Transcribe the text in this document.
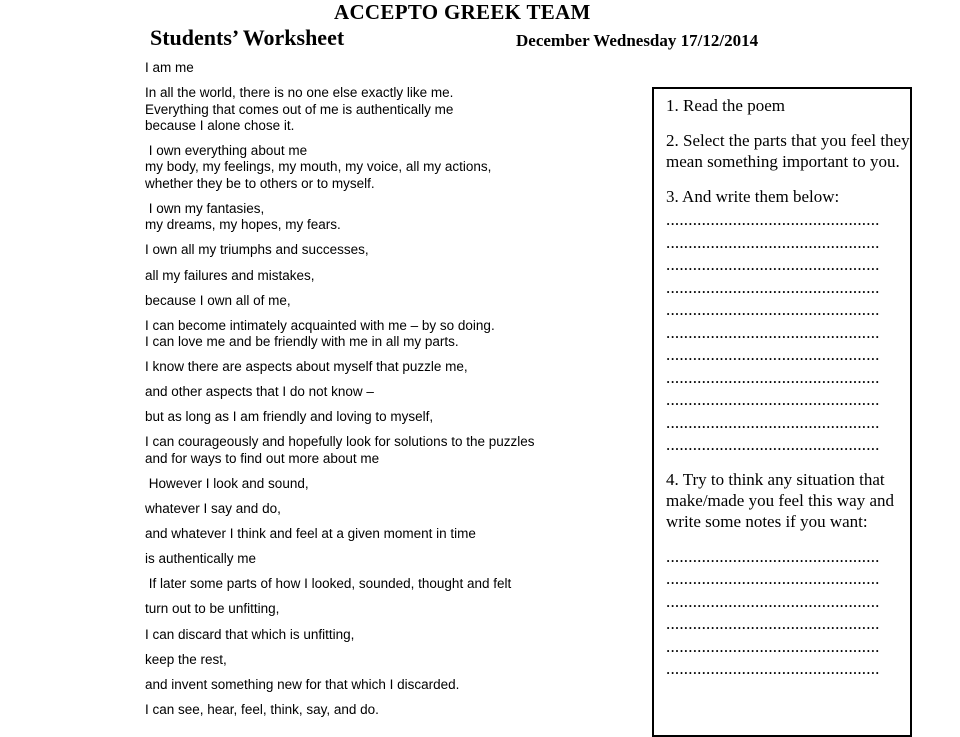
ACCEPTO GREEK TEAM
Students’ Worksheet	December Wednesday 17/12/2014
I am me
In all the world, there is no one else exactly like me.
Everything that comes out of me is authentically me
because I alone chose it.
I own everything about me
my body, my feelings, my mouth, my voice, all my actions,
whether they be to others or to myself.
I own my fantasies,
my dreams, my hopes, my fears.
I own all my triumphs and successes,
all my failures and mistakes,
because I own all of me,
I can become intimately acquainted with me – by so doing.
I can love me and be friendly with me in all my parts.
I know there are aspects about myself that puzzle me,
and other aspects that I do not know –
but as long as I am friendly and loving to myself,
I can courageously and hopefully look for solutions to the puzzles
and for ways to find out more about me
However I look and sound,
whatever I say and do,
and whatever I think and feel at a given moment in time
is authentically me
If later some parts of how I looked, sounded, thought and felt
turn out to be unfitting,
I can discard that which is unfitting,
keep the rest,
and invent something new for that which I discarded.
I can see, hear, feel, think, say, and do.
1. Read the poem
2. Select the parts that you feel they mean something important to you.
3. And write them below:
................................................
................................................
................................................
................................................
................................................
................................................
................................................
................................................
................................................
................................................
................................................
4. Try to think any situation that make/made you feel this way and write some notes if you want:
................................................
................................................
................................................
................................................
................................................
................................................
